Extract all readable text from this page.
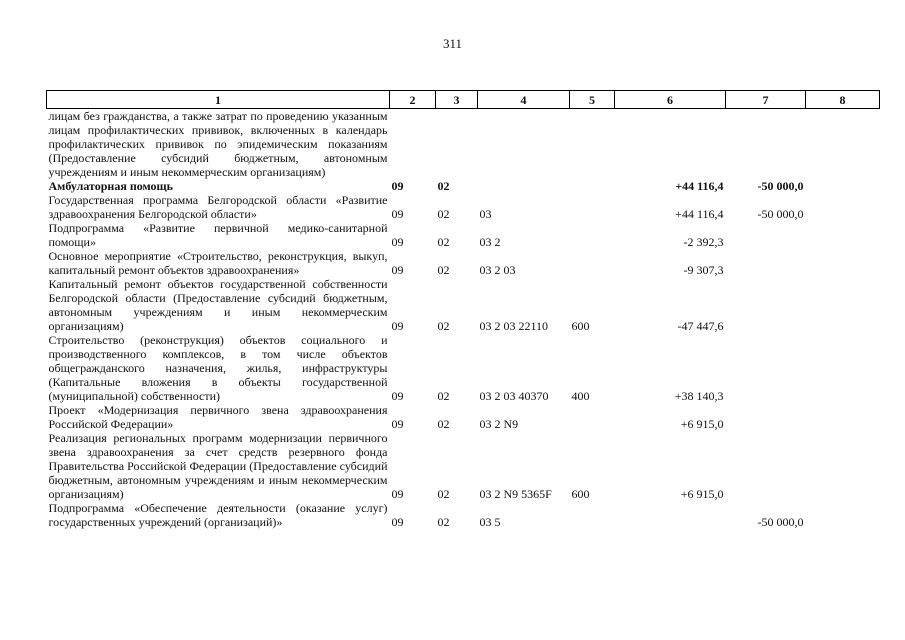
311
1	2	3	4	5	6	7	8
лицам без гражданства, а также затрат по проведению указанным лицам профилактических прививок, включенных в календарь профилактических прививок по эпидемическим показаниям (Предоставление субсидий бюджетным, автономным учреждениям и иным некоммерческим организациям)							
Амбулаторная помощь	09	02			+44 116,4	-50 000,0	
Государственная программа Белгородской области «Развитие здравоохранения Белгородской области»	09	02	03		+44 116,4	-50 000,0	
Подпрограмма «Развитие первичной медико-санитарной помощи»	09	02	03 2		-2 392,3		
Основное мероприятие «Строительство, реконструкция, выкуп, капитальный ремонт объектов здравоохранения»	09	02	03 2 03		-9 307,3		
Капитальный ремонт объектов государственной собственности Белгородской области (Предоставление субсидий бюджетным, автономным учреждениям и иным некоммерческим организациям)	09	02	03 2 03 22110	600	-47 447,6		
Строительство (реконструкция) объектов социального и производственного комплексов, в том числе объектов общегражданского назначения, жилья, инфраструктуры (Капитальные вложения в объекты государственной (муниципальной) собственности)	09	02	03 2 03 40370	400	+38 140,3		
Проект «Модернизация первичного звена здравоохранения Российской Федерации»	09	02	03 2 N9		+6 915,0		
Реализация региональных программ модернизации первичного звена здравоохранения за счет средств резервного фонда Правительства Российской Федерации (Предоставление субсидий бюджетным, автономным учреждениям и иным некоммерческим организациям)	09	02	03 2 N9 5365F	600	+6 915,0		
Подпрограмма «Обеспечение деятельности (оказание услуг) государственных учреждений (организаций)»	09	02	03 5			-50 000,0	
